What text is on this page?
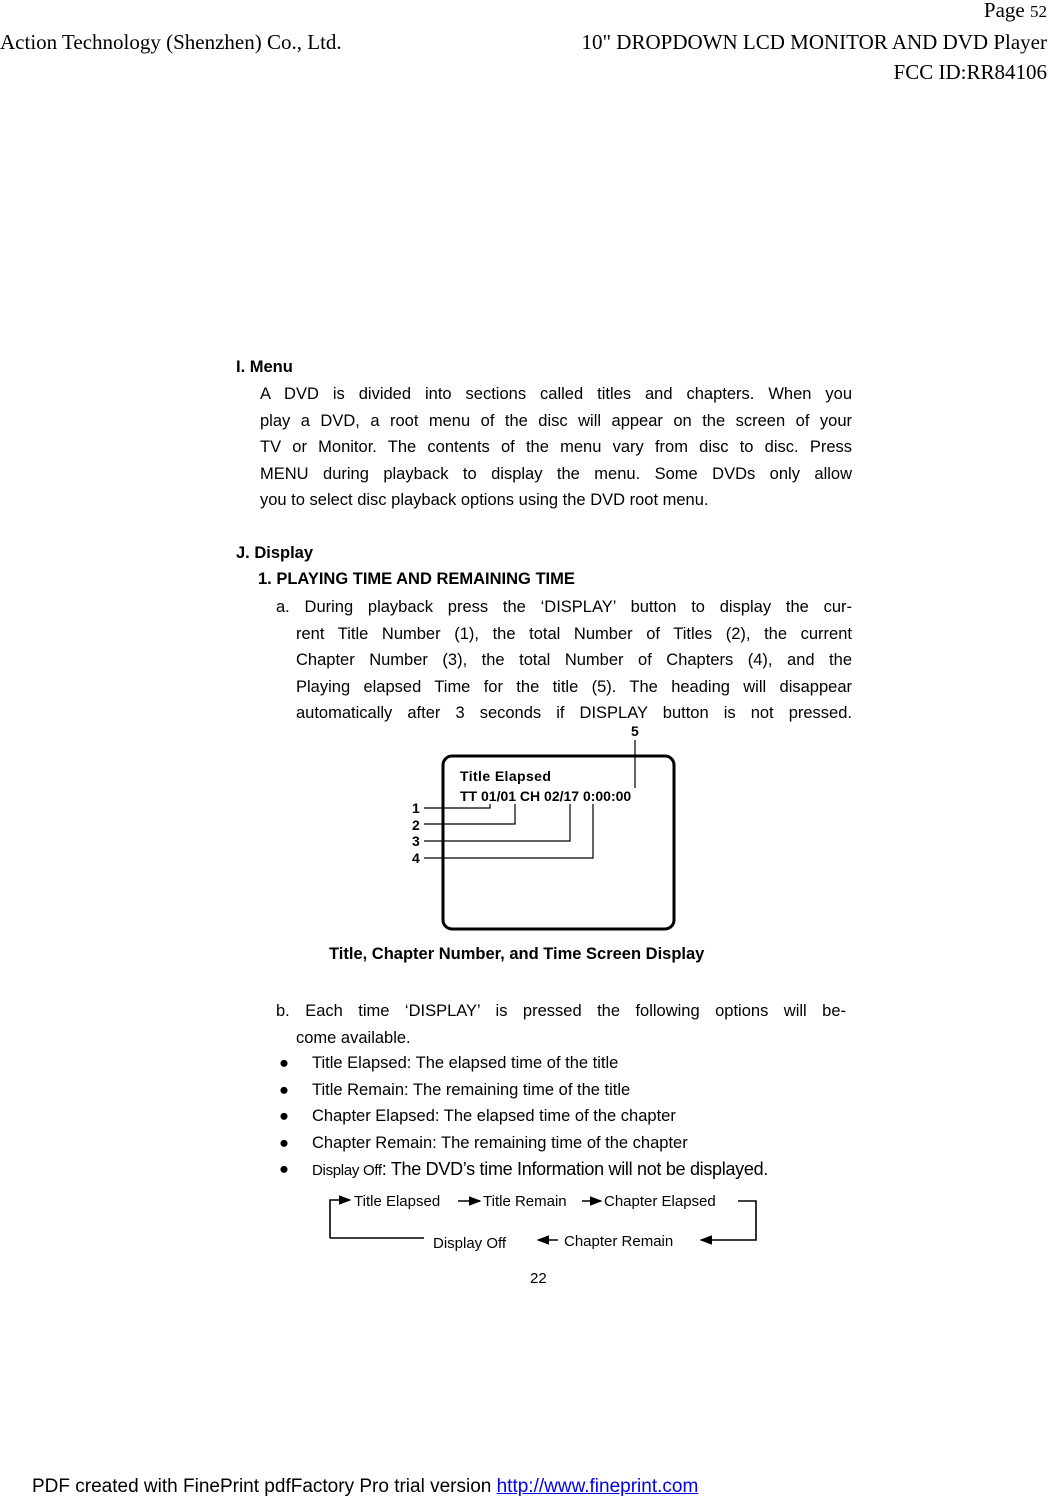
Page 52
Action Technology (Shenzhen) Co., Ltd.	10" DROPDOWN LCD MONITOR AND DVD Player
FCC ID:RR84106
I. Menu
A DVD is divided into sections called titles and chapters. When you
play a DVD, a root menu of the disc will appear on the screen of your
TV or Monitor. The contents of the menu vary from disc to disc. Press
MENU during playback to display the menu. Some DVDs only allow
you to select disc playback options using the DVD root menu.
J. Display
1. PLAYING TIME AND REMAINING TIME
a. During playback press the ‘DISPLAY’ button to display the cur-
rent Title Number (1), the total Number of Titles (2), the current
Chapter Number (3), the total Number of Chapters (4), and the
Playing elapsed Time for the title (5). The heading will disappear
automatically after 3 seconds if DISPLAY button is not pressed.
Title Elapsed
TT 01/01 CH 02/17 0:00:00
5
1
2
3
4
Title, Chapter Number, and Time Screen Display
b. Each time ‘DISPLAY’ is pressed the following options will be-
come available.
● Title Elapsed: The elapsed time of the title
● Title Remain: The remaining time of the title
● Chapter Elapsed: The elapsed time of the chapter
● Chapter Remain: The remaining time of the chapter
● Display Off: The DVD’s time Information will not be displayed.
Title Elapsed	Title Remain Chapter Elapsed
Display Off	Chapter Remain
22
PDF created with FinePrint pdfFactory Pro trial version http://www.fineprint.com
